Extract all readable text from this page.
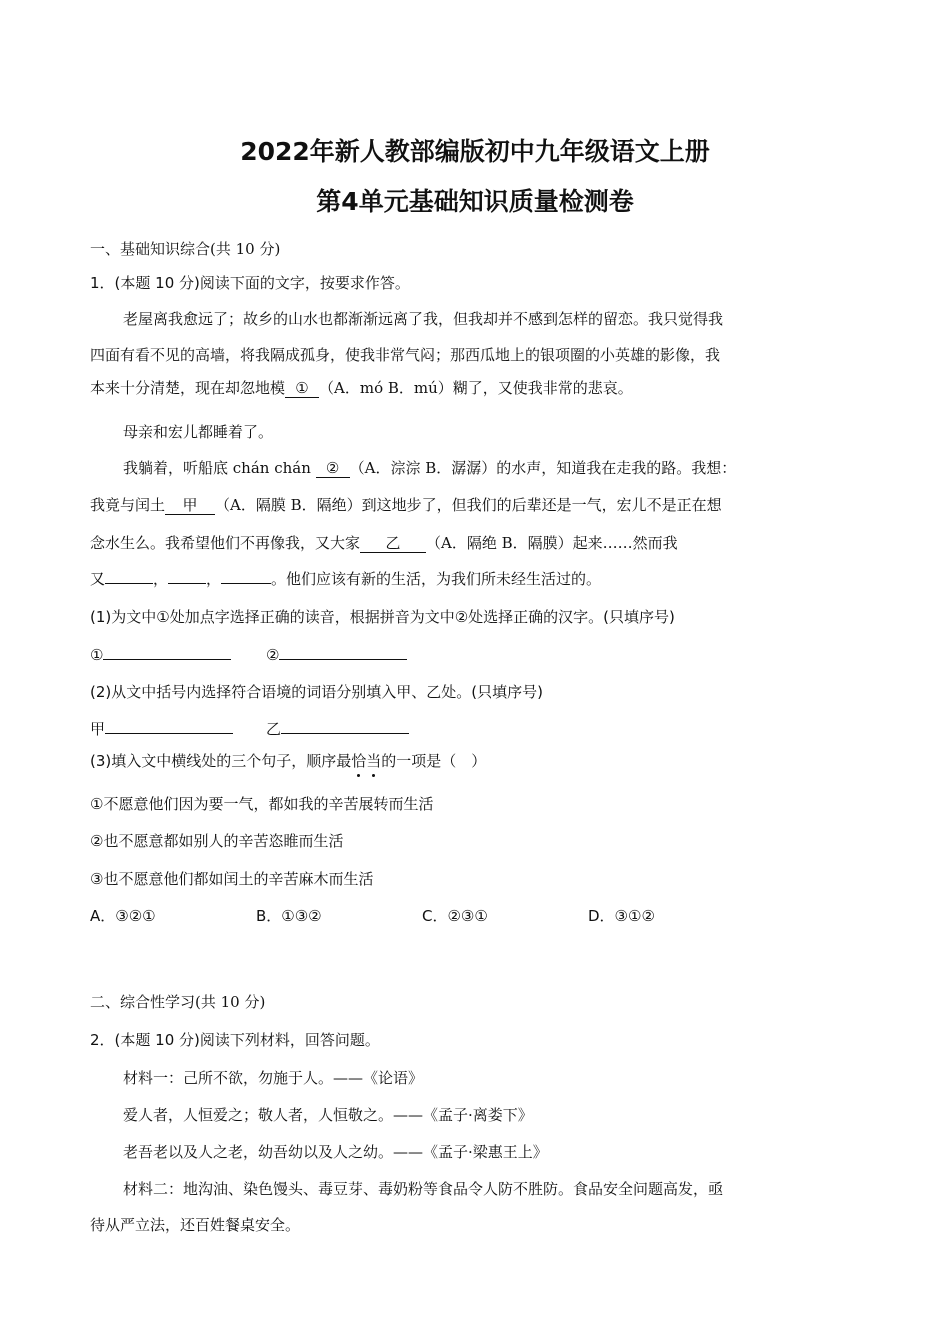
2022年新人教部编版初中九年级语文上册
第4单元基础知识质量检测卷
一、基础知识综合(共 10 分)
1．(本题 10 分)阅读下面的文字，按要求作答。
老屋离我愈远了；故乡的山水也都渐渐远离了我，但我却并不感到怎样的留恋。我只觉得我
四面有看不见的高墙，将我隔成孤身，使我非常气闷；那西瓜地上的银项圈的小英雄的影像，我
本来十分清楚，现在却忽地模 ① （A．mó B．mú）糊了，又使我非常的悲哀。
母亲和宏儿都睡着了。
我躺着，听船底 chán chán ② （A．淙淙 B．潺潺）的水声，知道我在走我的路。我想：
我竟与闰土 甲 （A．隔膜 B．隔绝）到这地步了，但我们的后辈还是一气，宏儿不是正在想
念水生么。我希望他们不再像我，又大家 乙 （A．隔绝 B．隔膜）起来……然而我
又	，	，	。他们应该有新的生活，为我们所未经生活过的。
(1)为文中①处加点字选择正确的读音，根据拼音为文中②处选择正确的汉字。(只填序号)
①	②
(2)从文中括号内选择符合语境的词语分别填入甲、乙处。(只填序号)
甲	乙
(3)填入文中横线处的三个句子，顺序最恰当的一项是（　）
①不愿意他们因为要一气，都如我的辛苦展转而生活
②也不愿意都如别人的辛苦恣睢而生活
③也不愿意他们都如闰土的辛苦麻木而生活
A．③②①	B．①③②	C．②③①	D．③①②
二、综合性学习(共 10 分)
2．(本题 10 分)阅读下列材料，回答问题。
材料一：己所不欲，勿施于人。——《论语》
爱人者，人恒爱之；敬人者，人恒敬之。——《孟子·离娄下》
老吾老以及人之老，幼吾幼以及人之幼。——《孟子·梁惠王上》
材料二：地沟油、染色馒头、毒豆芽、毒奶粉等食品令人防不胜防。食品安全问题高发，亟
待从严立法，还百姓餐桌安全。
